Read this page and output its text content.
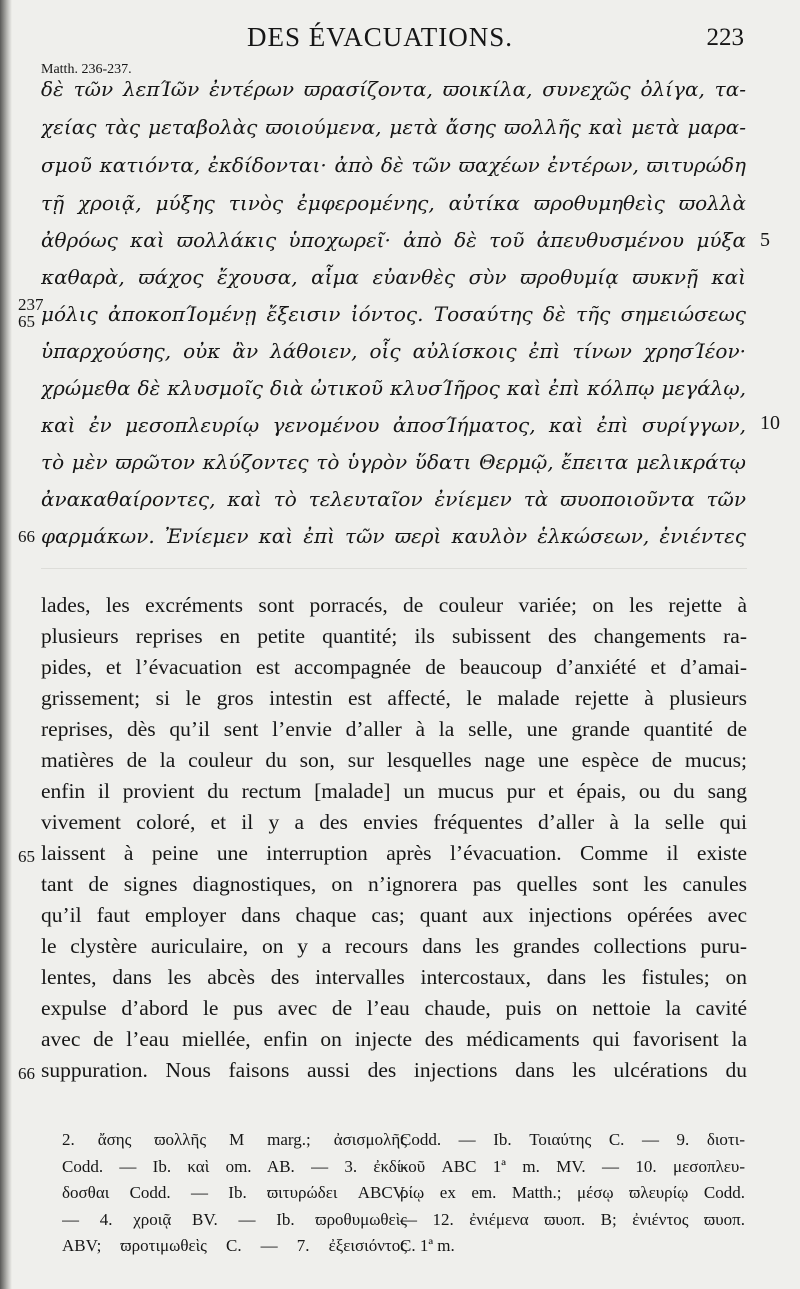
DES ÉVACUATIONS.	223
Matth. 236-237.
δὲ τῶν λεπΊῶν ἐντέρων ϖρασίζοντα, ϖοικίλα, συνεχῶς ὀλίγα, τα-
χείας τὰς μεταβολὰς ϖοιούμενα, μετὰ ἄσης ϖολλῆς καὶ μετὰ μαρα-
σμοῦ κατιόντα, ἐκδίδονται· ἀπὸ δὲ τῶν ϖαχέων ἐντέρων, ϖιτυρώδη
τῇ χροιᾷ, μύξης τινὸς ἐμφερομένης, αὐτίκα ϖροθυμηθεὶς ϖολλὰ
ἀθρόως καὶ ϖολλάκις ὑποχωρεῖ· ἀπὸ δὲ τοῦ ἀπευθυσμένου μύξα
καθαρὰ, ϖάχος ἔχουσα, αἷμα εὐανθὲς σὺν ϖροθυμίᾳ ϖυκνῇ καὶ
μόλις ἀποκοπΊομένῃ ἔξεισιν ἰόντος. Τοσαύτης δὲ τῆς σημειώσεως
ὑπαρχούσης, οὐκ ἂν λάθοιεν, οἷς αὐλίσκοις ἐπὶ τίνων χρησΊέον·
χρώμεθα δὲ κλυσμοῖς διὰ ὠτικοῦ κλυσΊῆρος καὶ ἐπὶ κόλπῳ μεγάλῳ,
καὶ ἐν μεσοπλευρίῳ γενομένου ἀποσΊήματος, καὶ ἐπὶ συρίγγων,
τὸ μὲν ϖρῶτον κλύζοντες τὸ ὑγρὸν ὕδατι Θερμῷ, ἔπειτα μελικράτῳ
ἀνακαθαίροντες, καὶ τὸ τελευταῖον ἐνίεμεν τὰ ϖυοποιοῦντα τῶν
φαρμάκων. Ἐνίεμεν καὶ ἐπὶ τῶν ϖερὶ καυλὸν ἑλκώσεων, ἐνιέντες
5
10
237
65
66
lades, les excréments sont porracés, de couleur variée; on les rejette à
plusieurs reprises en petite quantité; ils subissent des changements ra-
pides, et l’évacuation est accompagnée de beaucoup d’anxiété et d’amai-
grissement; si le gros intestin est affecté, le malade rejette à plusieurs
reprises, dès qu’il sent l’envie d’aller à la selle, une grande quantité de
matières de la couleur du son, sur lesquelles nage une espèce de mucus;
enfin il provient du rectum [malade] un mucus pur et épais, ou du sang
vivement coloré, et il y a des envies fréquentes d’aller à la selle qui
laissent à peine une interruption après l’évacuation. Comme il existe
tant de signes diagnostiques, on n’ignorera pas quelles sont les canules
qu’il faut employer dans chaque cas; quant aux injections opérées avec
le clystère auriculaire, on y a recours dans les grandes collections puru-
lentes, dans les abcès des intervalles intercostaux, dans les fistules; on
expulse d’abord le pus avec de l’eau chaude, puis on nettoie la cavité
avec de l’eau miellée, enfin on injecte des médicaments qui favorisent la
suppuration. Nous faisons aussi des injections dans les ulcérations du
65
66
2. ἄσης ϖολλῆς M marg.; ἀσισμολῆς
Codd. — Ib. καὶ om. AB. — 3. ἐκδί-
δοσθαι Codd. — Ib. ϖιτυρώδει ABCV.
— 4. χροιᾷ BV. — Ib. ϖροθυμωθεὶς
ABV; ϖροτιμωθεὶς C. — 7. ἐξεισιόντος
Codd. — Ib. Τοιαύτης C. — 9. διοτι-
κοῦ ABC 1ª m. MV. — 10. μεσοπλευ-
ρίῳ ex em. Matth.; μέσῳ ϖλευρίῳ Codd.
— 12. ἐνιέμενα ϖυοπ. B; ἐνιέντος ϖυοπ.
C. 1ª m.
